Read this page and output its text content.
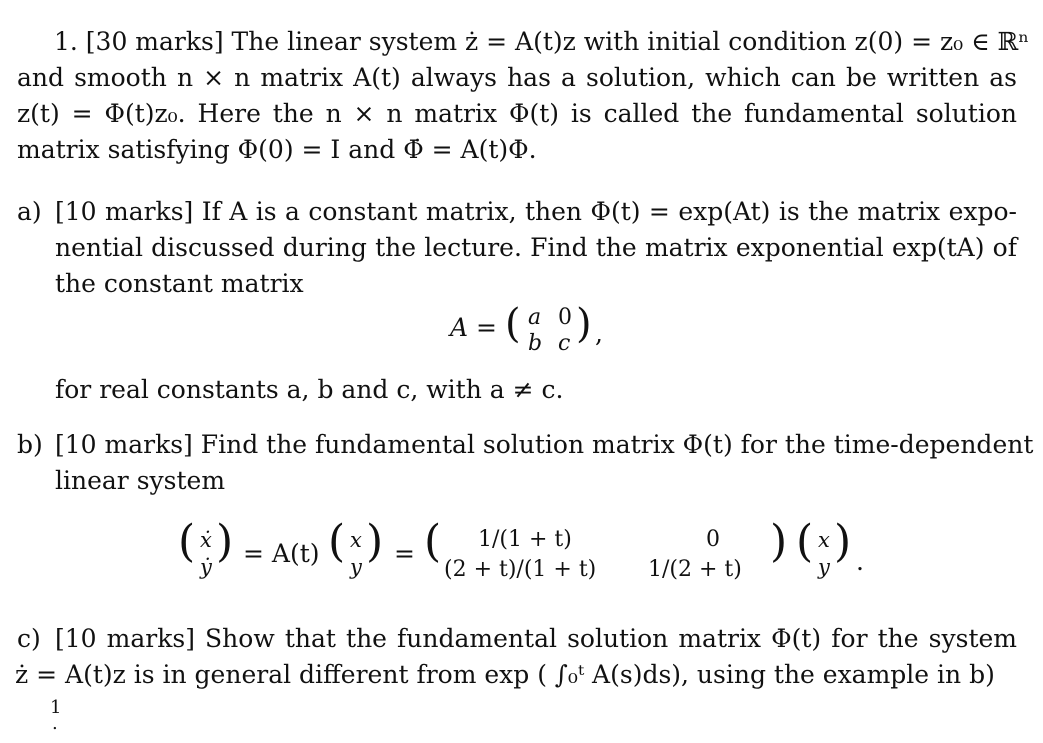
1. [30 marks] The linear system ż = A(t)z with initial condition z(0) = z₀ ∈ ℝⁿ
and smooth n × n matrix A(t) always has a solution, which can be written as
z(t) = Φ(t)z₀. Here the n × n matrix Φ(t) is called the fundamental solution
matrix satisfying Φ(0) = I and Φ̇ = A(t)Φ.
a) [10 marks] If A is a constant matrix, then Φ(t) = exp(At) is the matrix expo-
nential discussed during the lecture. Find the matrix exponential exp(tA) of
the constant matrix
A = ( a 0
b c ) ,
for real constants a, b and c, with a ≠ c.
b) [10 marks] Find the fundamental solution matrix Φ(t) for the time-dependent
linear system
( ẋ
ẏ ) = A(t) ( x
y ) = ( 1/(1 + t)	0
(2 + t)/(1 + t) 1/(2 + t)
) ( x
y ) .
c) [10 marks] Show that the fundamental solution matrix Φ(t) for the system
ż = A(t)z is in general different from exp ( ∫₀ᵗ A(s)ds), using the example in b)
1
.
